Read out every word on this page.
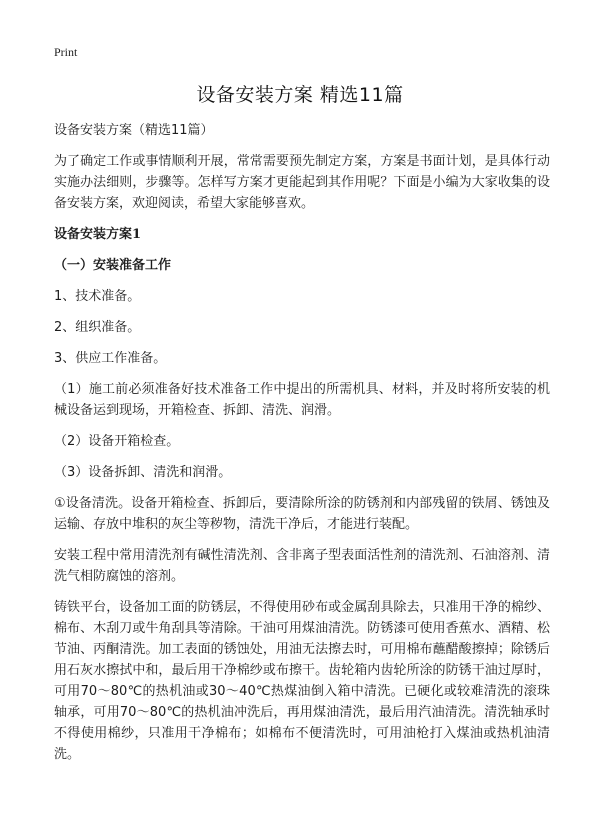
Print
设备安装方案 精选11篇

设备安装方案（精选11篇）

为了确定工作或事情顺利开展，常常需要预先制定方案，方案是书面计划，是具体行动实施办法细则，步骤等。怎样写方案才更能起到其作用呢？下面是小编为大家收集的设备安装方案，欢迎阅读，希望大家能够喜欢。

设备安装方案1

（一）安装准备工作

1、技术准备。

2、组织准备。

3、供应工作准备。

（1）施工前必须准备好技术准备工作中提出的所需机具、材料，并及时将所安装的机械设备运到现场，开箱检查、拆卸、清洗、润滑。

（2）设备开箱检查。

（3）设备拆卸、清洗和润滑。

①设备清洗。设备开箱检查、拆卸后，要清除所涂的防锈剂和内部残留的铁屑、锈蚀及运输、存放中堆积的灰尘等秽物，清洗干净后，才能进行装配。

安装工程中常用清洗剂有碱性清洗剂、含非离子型表面活性剂的清洗剂、石油溶剂、清洗气相防腐蚀的溶剂。

铸铁平台，设备加工面的防锈层，不得使用砂布或金属刮具除去，只准用干净的棉纱、棉布、木刮刀或牛角刮具等清除。干油可用煤油清洗。防锈漆可使用香蕉水、酒精、松节油、丙酮清洗。加工表面的锈蚀处，用油无法擦去时，可用棉布蘸醋酸擦掉；除锈后用石灰水擦拭中和，最后用干净棉纱或布擦干。齿轮箱内齿轮所涂的防锈干油过厚时，可用70～80℃的热机油或30～40℃热煤油倒入箱中清洗。已硬化或较难清洗的滚珠轴承，可用70～80℃的热机油冲洗后，再用煤油清洗，最后用汽油清洗。清洗轴承时不得使用棉纱，只准用干净棉布；如棉布不便清洗时，可用油枪打入煤油或热机油清洗。
